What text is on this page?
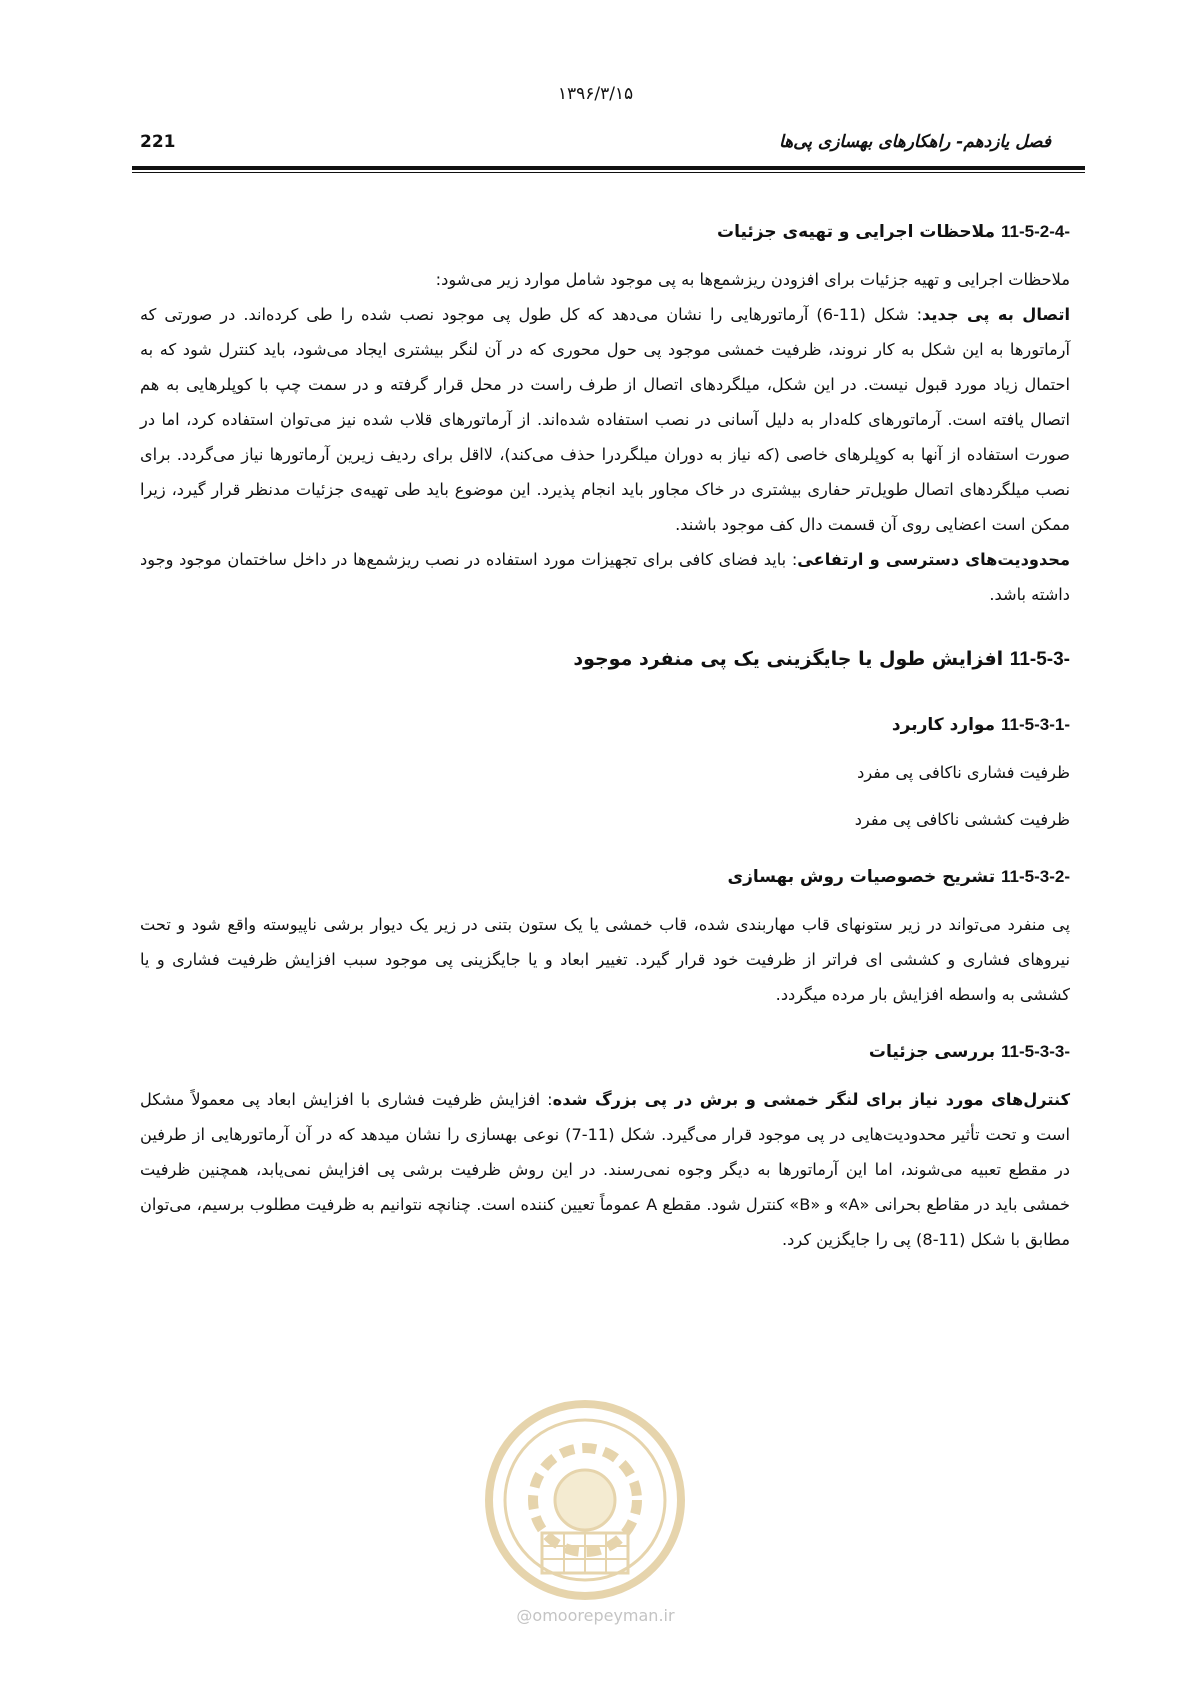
۱۳۹۶/۳/۱۵
221	فصل یازدهم- راهکارهای بهسازی پی‌ها

11-5-2-4- ملاحظات اجرایی و تهیه‌ی جزئیات

ملاحظات اجرایی و تهیه جزئیات برای افزودن ریزشمع‌ها به پی موجود شامل موارد زیر می‌شود:

اتصال به پی جدید: شکل (11-6) آرماتورهایی را نشان می‌دهد که کل طول پی موجود نصب شده را طی کرده‌اند. در صورتی که آرماتورها به این شکل به کار نروند، ظرفیت خمشی موجود پی حول محوری که در آن لنگر بیشتری ایجاد می‌شود، باید کنترل شود که به احتمال زیاد مورد قبول نیست. در این شکل، میلگردهای اتصال از طرف راست در محل قرار گرفته و در سمت چپ با کوپلرهایی به هم اتصال یافته است. آرماتورهای کله‌دار به دلیل آسانی در نصب استفاده شده‌اند. از آرماتورهای قلاب شده نیز می‌توان استفاده کرد، اما در صورت استفاده از آنها به کوپلرهای خاصی (که نیاز به دوران میلگردرا حذف می‌کند)، لااقل برای ردیف زیرین آرماتورها نیاز می‌گردد. برای نصب میلگردهای اتصال طویل‌تر حفاری بیشتری در خاک مجاور باید انجام پذیرد. این موضوع باید طی تهیه‌ی جزئیات مدنظر قرار گیرد، زیرا ممکن است اعضایی روی آن قسمت دال کف موجود باشند.

محدودیت‌های دسترسی و ارتفاعی: باید فضای کافی برای تجهیزات مورد استفاده در نصب ریزشمع‌ها در داخل ساختمان موجود وجود داشته باشد.

11-5-3- افزایش طول یا جایگزینی یک پی منفرد موجود

11-5-3-1- موارد کاربرد

ظرفیت فشاری ناکافی پی مفرد

ظرفیت کششی ناکافی پی مفرد

11-5-3-2- تشریح خصوصیات روش بهسازی

پی منفرد می‌تواند در زیر ستونهای قاب مهاربندی شده، قاب خمشی یا یک ستون بتنی در زیر یک دیوار برشی ناپیوسته واقع شود و تحت نیروهای فشاری و کششی ای فراتر از ظرفیت خود قرار گیرد. تغییر ابعاد و یا جایگزینی پی موجود سبب افزایش ظرفیت فشاری و یا کششی به واسطه افزایش بار مرده میگردد.

11-5-3-3- بررسی جزئیات

کنترل‌های مورد نیاز برای لنگر خمشی و برش در پی بزرگ شده: افزایش ظرفیت فشاری با افزایش ابعاد پی معمولاً مشکل است و تحت تأثیر محدودیت‌هایی در پی موجود قرار می‌گیرد. شکل (11-7) نوعی بهسازی را نشان میدهد که در آن آرماتورهایی از طرفین در مقطع تعبیه می‌شوند، اما این آرماتورها به دیگر وجوه نمی‌رسند. در این روش ظرفیت برشی پی افزایش نمی‌یابد، همچنین ظرفیت خمشی باید در مقاطع بحرانی «A» و «B» کنترل شود. مقطع A عموماً تعیین کننده است. چنانچه نتوانیم به ظرفیت مطلوب برسیم، می‌توان مطابق با شکل (11-8) پی را جایگزین کرد.

@omoorepeyman.ir
